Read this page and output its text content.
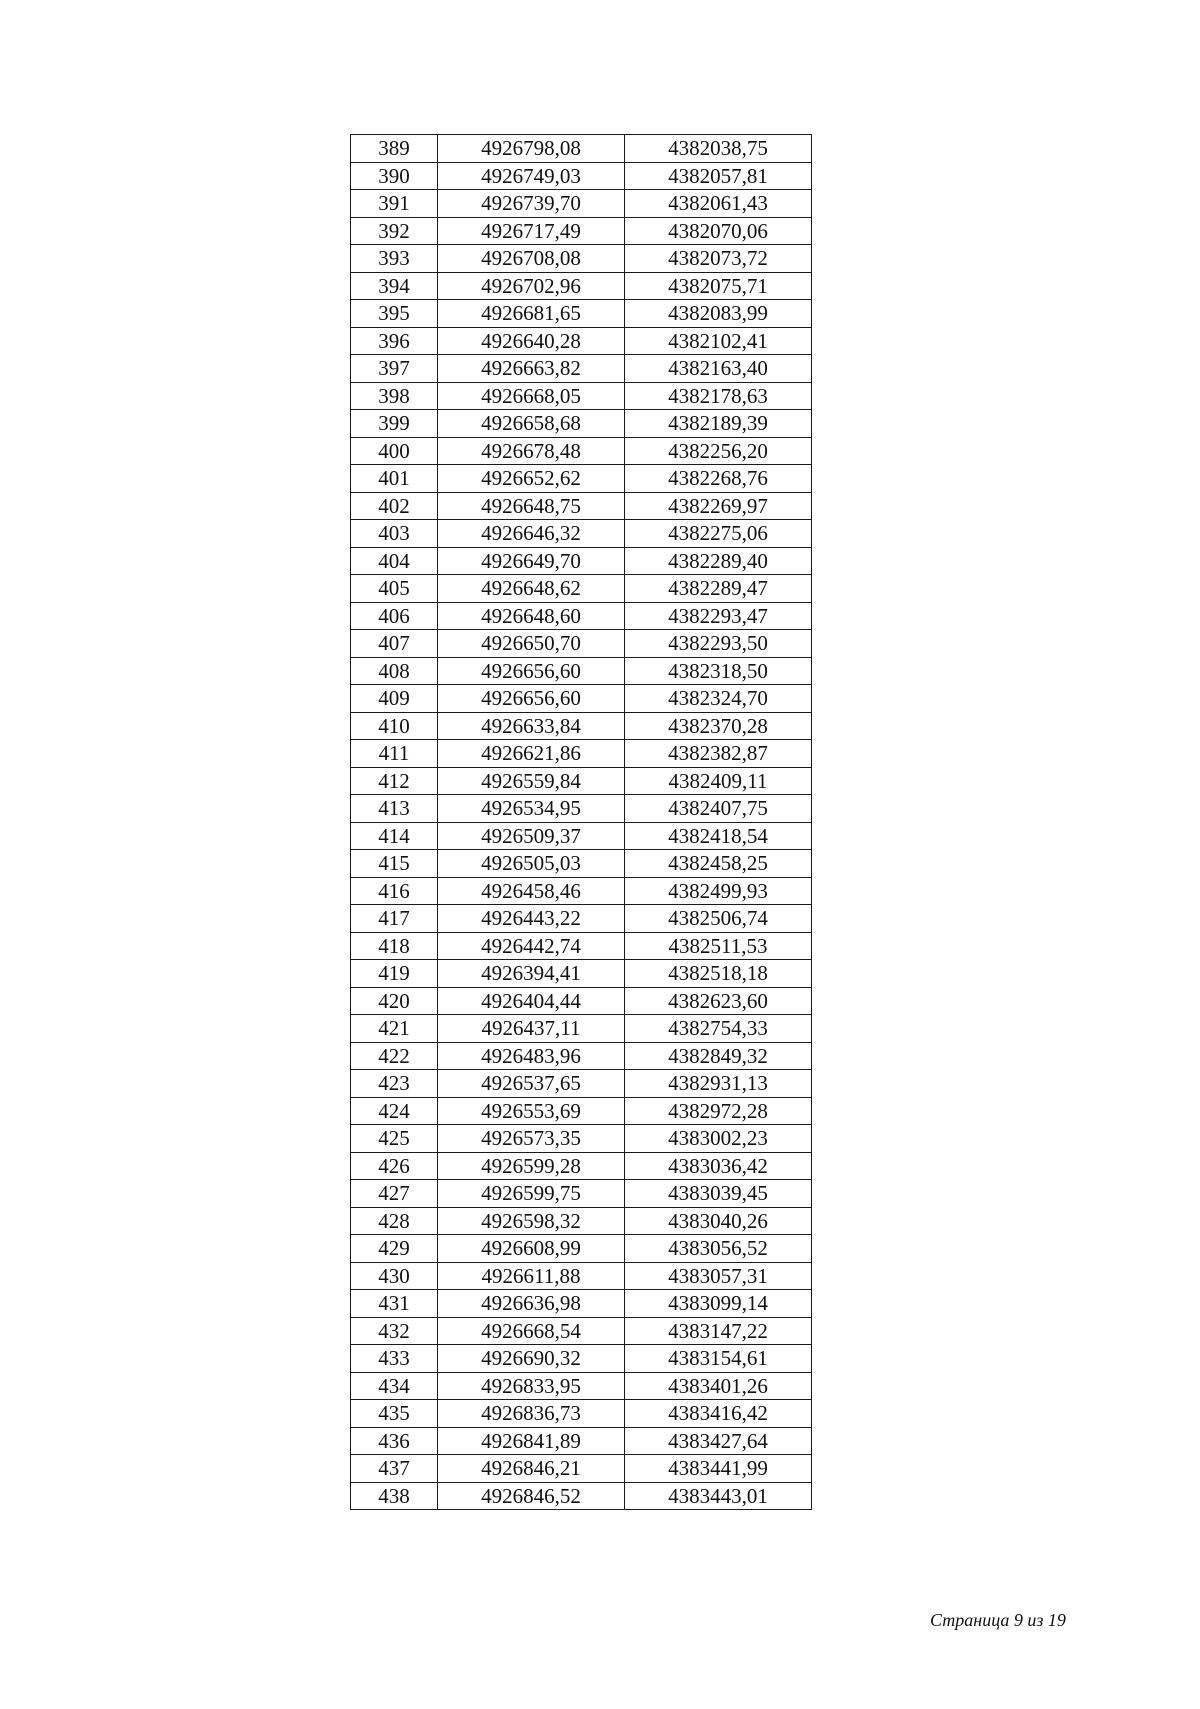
389	4926798,08	4382038,75
390	4926749,03	4382057,81
391	4926739,70	4382061,43
392	4926717,49	4382070,06
393	4926708,08	4382073,72
394	4926702,96	4382075,71
395	4926681,65	4382083,99
396	4926640,28	4382102,41
397	4926663,82	4382163,40
398	4926668,05	4382178,63
399	4926658,68	4382189,39
400	4926678,48	4382256,20
401	4926652,62	4382268,76
402	4926648,75	4382269,97
403	4926646,32	4382275,06
404	4926649,70	4382289,40
405	4926648,62	4382289,47
406	4926648,60	4382293,47
407	4926650,70	4382293,50
408	4926656,60	4382318,50
409	4926656,60	4382324,70
410	4926633,84	4382370,28
411	4926621,86	4382382,87
412	4926559,84	4382409,11
413	4926534,95	4382407,75
414	4926509,37	4382418,54
415	4926505,03	4382458,25
416	4926458,46	4382499,93
417	4926443,22	4382506,74
418	4926442,74	4382511,53
419	4926394,41	4382518,18
420	4926404,44	4382623,60
421	4926437,11	4382754,33
422	4926483,96	4382849,32
423	4926537,65	4382931,13
424	4926553,69	4382972,28
425	4926573,35	4383002,23
426	4926599,28	4383036,42
427	4926599,75	4383039,45
428	4926598,32	4383040,26
429	4926608,99	4383056,52
430	4926611,88	4383057,31
431	4926636,98	4383099,14
432	4926668,54	4383147,22
433	4926690,32	4383154,61
434	4926833,95	4383401,26
435	4926836,73	4383416,42
436	4926841,89	4383427,64
437	4926846,21	4383441,99
438	4926846,52	4383443,01
Страница 9 из 19
